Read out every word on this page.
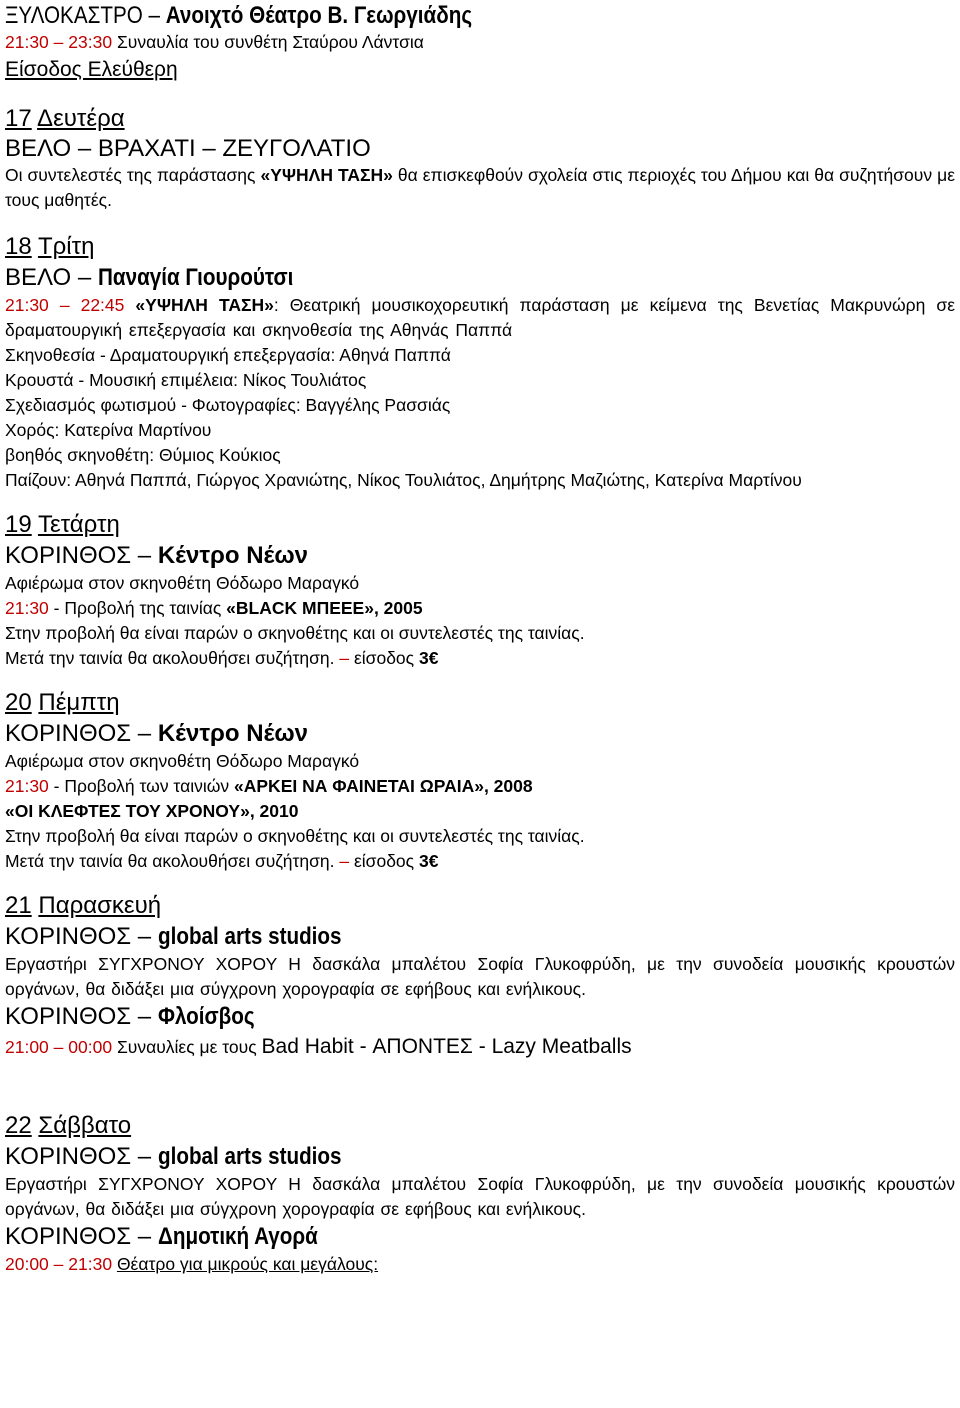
ΞΥΛΟΚΑΣΤΡΟ – Ανοιχτό Θέατρο Β. Γεωργιάδης
21:30 – 23:30 Συναυλία του συνθέτη Σταύρου Λάντσια
Είσοδος Ελεύθερη
17 Δευτέρα
ΒΕΛΟ – ΒΡΑΧΑΤΙ – ΖΕΥΓΟΛΑΤΙΟ
Οι συντελεστές της παράστασης «ΥΨΗΛΗ ΤΑΣΗ» θα επισκεφθούν σχολεία στις περιοχές του Δήμου και θα συζητήσουν με τους μαθητές.
18 Τρίτη
ΒΕΛΟ – Παναγία Γιουρούτσι
21:30 – 22:45 «ΥΨΗΛΗ ΤΑΣΗ»: Θεατρική μουσικοχορευτική παράσταση με κείμενα της Βενετίας Μακρυνώρη σε δραματουργική επεξεργασία και σκηνοθεσία της Αθηνάς Παππά
Σκηνοθεσία - Δραματουργική επεξεργασία: Αθηνά Παππά
Κρουστά - Μουσική επιμέλεια: Νίκος Τουλιάτος
Σχεδιασμός φωτισμού - Φωτογραφίες: Βαγγέλης Ρασσιάς
Χορός: Κατερίνα Μαρτίνου
βοηθός σκηνοθέτη: Θύμιος Κούκιος
Παίζουν: Αθηνά Παππά, Γιώργος Χρανιώτης, Νίκος Τουλιάτος, Δημήτρης Μαζιώτης, Κατερίνα Μαρτίνου
19 Τετάρτη
ΚΟΡΙΝΘΟΣ – Κέντρο Νέων
Αφιέρωμα στον σκηνοθέτη Θόδωρο Μαραγκό
21:30 - Προβολή της ταινίας «BLACK ΜΠΕΕΕ», 2005
Στην προβολή θα είναι παρών ο σκηνοθέτης και οι συντελεστές της ταινίας.
Μετά την ταινία θα ακολουθήσει συζήτηση. – είσοδος 3€
20 Πέμπτη
ΚΟΡΙΝΘΟΣ – Κέντρο Νέων
Αφιέρωμα στον σκηνοθέτη Θόδωρο Μαραγκό
21:30 - Προβολή των ταινιών «ΑΡΚΕΙ ΝΑ ΦΑΙΝΕΤΑΙ ΩΡΑΙΑ», 2008
«ΟΙ ΚΛΕΦΤΕΣ ΤΟΥ ΧΡΟΝΟΥ», 2010
Στην προβολή θα είναι παρών ο σκηνοθέτης και οι συντελεστές της ταινίας.
Μετά την ταινία θα ακολουθήσει συζήτηση. – είσοδος 3€
21 Παρασκευή
ΚΟΡΙΝΘΟΣ – global arts studios
Εργαστήρι ΣΥΓΧΡΟΝΟΥ ΧΟΡΟΥ Η δασκάλα μπαλέτου Σοφία Γλυκοφρύδη, με την συνοδεία μουσικής κρουστών οργάνων, θα διδάξει μια σύγχρονη χορογραφία σε εφήβους και ενήλικους.
ΚΟΡΙΝΘΟΣ – Φλοίσβος
21:00 – 00:00 Συναυλίες με τους Bad Habit - ΑΠΟΝΤΕΣ - Lazy Meatballs
22 Σάββατο
ΚΟΡΙΝΘΟΣ – global arts studios
Εργαστήρι ΣΥΓΧΡΟΝΟΥ ΧΟΡΟΥ Η δασκάλα μπαλέτου Σοφία Γλυκοφρύδη, με την συνοδεία μουσικής κρουστών οργάνων, θα διδάξει μια σύγχρονη χορογραφία σε εφήβους και ενήλικους.
ΚΟΡΙΝΘΟΣ – Δημοτική Αγορά
20:00 – 21:30 Θέατρο για μικρούς και μεγάλους:
